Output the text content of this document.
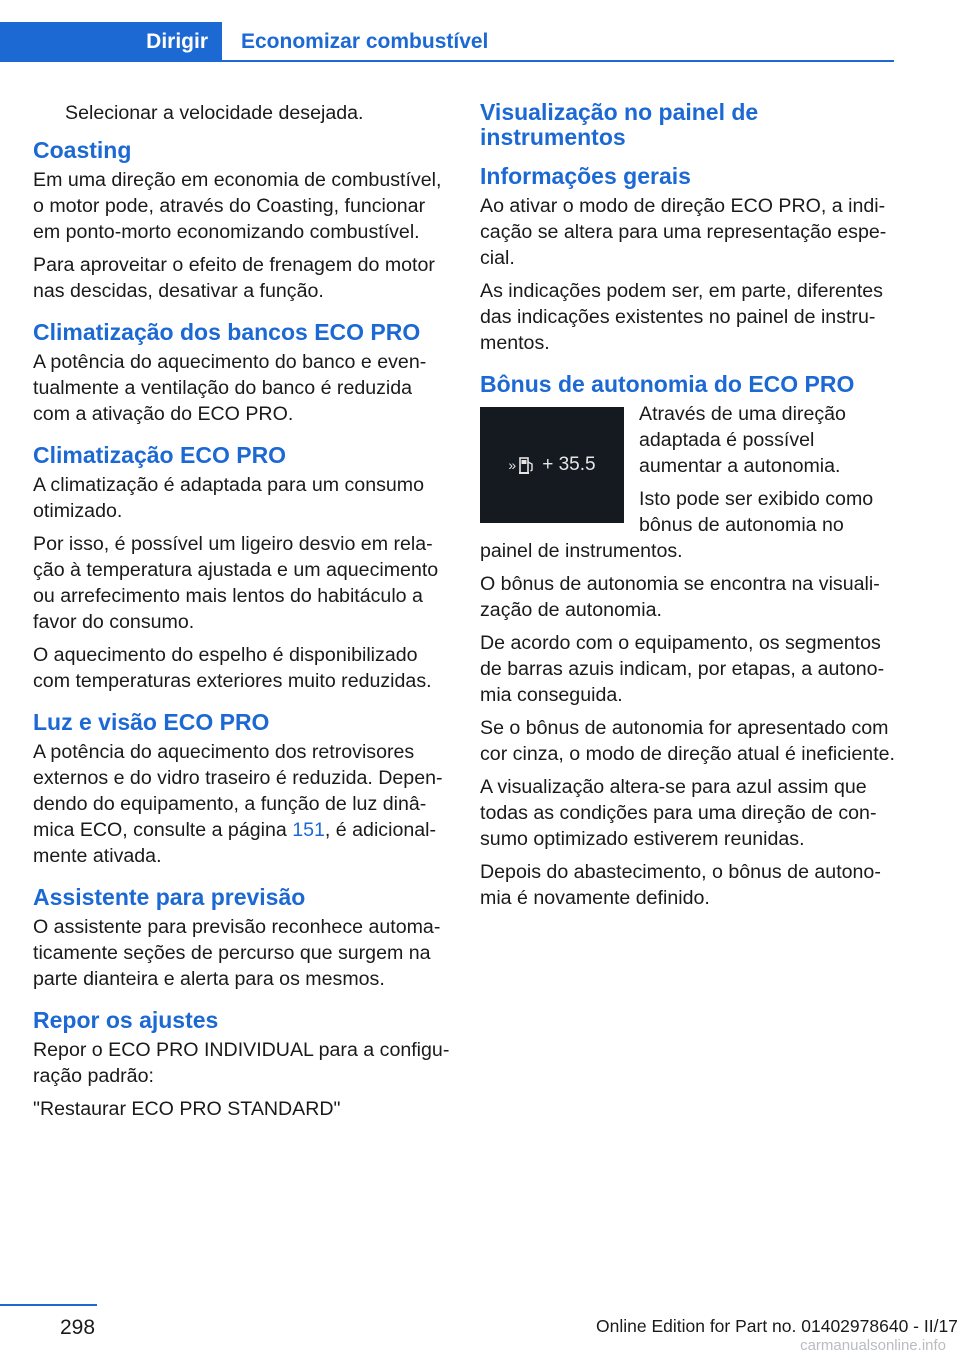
Dirigir Economizar combustível

Selecionar a velocidade desejada.

Coasting

Em uma direção em economia de combustível, o motor pode, através do Coasting, funcionar em ponto-morto economizando combustível.

Para aproveitar o efeito de frenagem do motor nas descidas, desativar a função.

Climatização dos bancos ECO PRO

A potência do aquecimento do banco e eventualmente a ventilação do banco é reduzida com a ativação do ECO PRO.

Climatização ECO PRO

A climatização é adaptada para um consumo otimizado.

Por isso, é possível um ligeiro desvio em relação à temperatura ajustada e um aquecimento ou arrefecimento mais lentos do habitáculo a favor do consumo.

O aquecimento do espelho é disponibilizado com temperaturas exteriores muito reduzidas.

Luz e visão ECO PRO

A potência do aquecimento dos retrovisores externos e do vidro traseiro é reduzida. Dependendo do equipamento, a função de luz dinâmica ECO, consulte a página 151, é adicionalmente ativada.

Assistente para previsão

O assistente para previsão reconhece automaticamente seções de percurso que surgem na parte dianteira e alerta para os mesmos.

Repor os ajustes

Repor o ECO PRO INDIVIDUAL para a configuração padrão:

"Restaurar ECO PRO STANDARD"

Visualização no painel de instrumentos
Informações gerais

Ao ativar o modo de direção ECO PRO, a indicação se altera para uma representação especial.

As indicações podem ser, em parte, diferentes das indicações existentes no painel de instrumentos.

Bônus de autonomia do ECO PRO
» + 35.5

Através de uma direção adaptada é possível aumentar a autonomia.

Isto pode ser exibido como bônus de autonomia no painel de instrumentos.

O bônus de autonomia se encontra na visualização de autonomia.

De acordo com o equipamento, os segmentos de barras azuis indicam, por etapas, a autonomia conseguida.

Se o bônus de autonomia for apresentado com cor cinza, o modo de direção atual é ineficiente.

A visualização altera-se para azul assim que todas as condições para uma direção de consumo optimizado estiverem reunidas.

Depois do abastecimento, o bônus de autonomia é novamente definido.

298	Online Edition for Part no. 01402978640 - II/17
carmanualsonline.info
